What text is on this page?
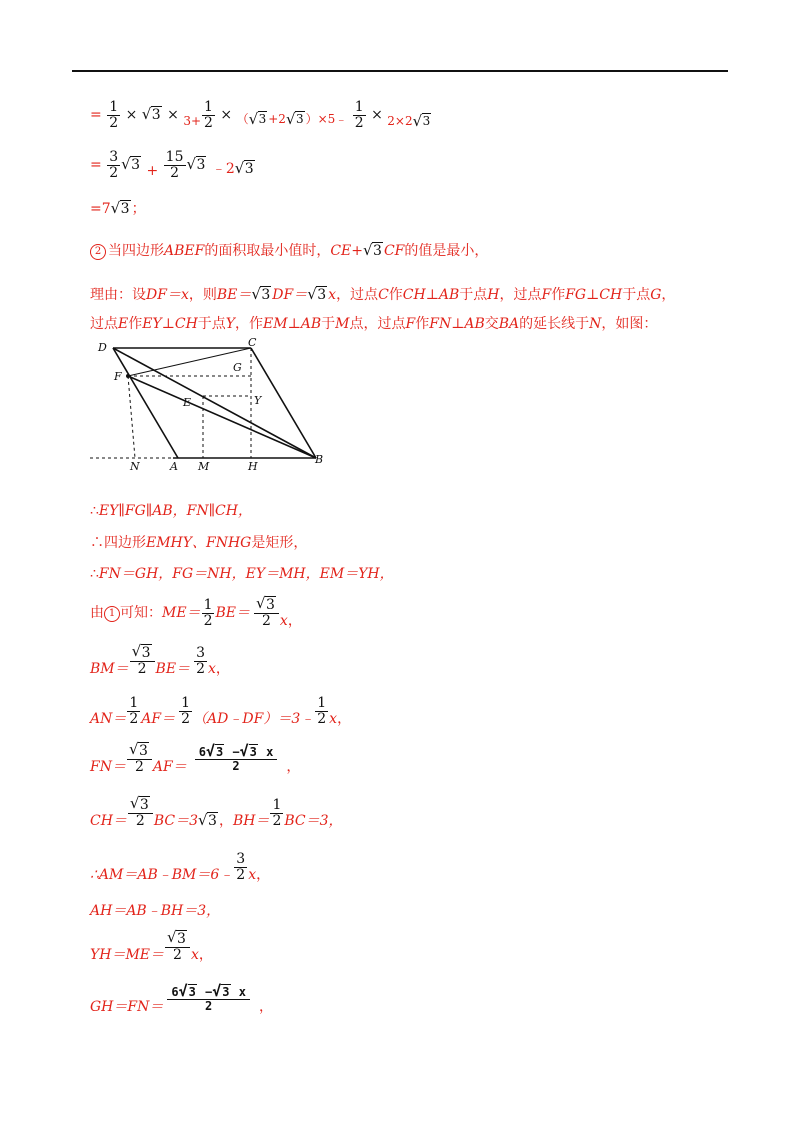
= $\frac{1}{2}$ × √ $3 \times 3+ \frac{1}{2}$ × （√ 3 +2√ 3 ）×5﹣ $\frac{1}{2} \times 2\times 2√$ 3
= $\frac{3}{2}$
√ $3 + \frac{15}{2}$
√ 3 ﹣2√ 3
=7√ 3 ；
2 当四边形ABEF的面积取最小值时，CE+√ 3 CF的值是最小，
理由：设DF＝x，则BE＝√ 3 DF＝√ 3 x，过点C作CH⊥AB于点H，过点F作FG⊥CH于点G，
过点E作EY⊥CH于点Y，作EM⊥AB于M点，过点F作FN⊥AB交BA的延长线于N，如图：
D	C
F
G
E	Y
N	A M	H
B
∴EY∥FG∥AB，FN∥CH，
∴四边形EMHY、FNHG是矩形，
∴FN＝GH，FG＝NH，EY＝MH，EM＝YH，
由 1 可知：$ME= \frac{1}{2} BE=$
√ $\frac{3}{2}$ x，
BM＝
√ $\frac{3}{2} BE= \frac{3}{2}$ x，
$AN= \frac{1}{2} AF= \frac{1}{2}$ （AD﹣DF）＝3﹣ $\frac{1}{2}$ x，
FN＝
√ $\frac{3}{2} AF= \frac{6√ 3 -√ 3 x}{2}$ ，
CH＝
√ $\frac{3}{2} BC=3√$ 3 ，$BH= \frac{1}{2} BC=3$，
∴AM＝AB﹣BM＝6﹣ $\frac{3}{2}$ x，
AH＝AB﹣BH＝3，
YH＝ME＝
√ $\frac{3}{2}$ x，
$GH=FN= \frac{6√ 3 -√ 3 x}{2}$ ，
